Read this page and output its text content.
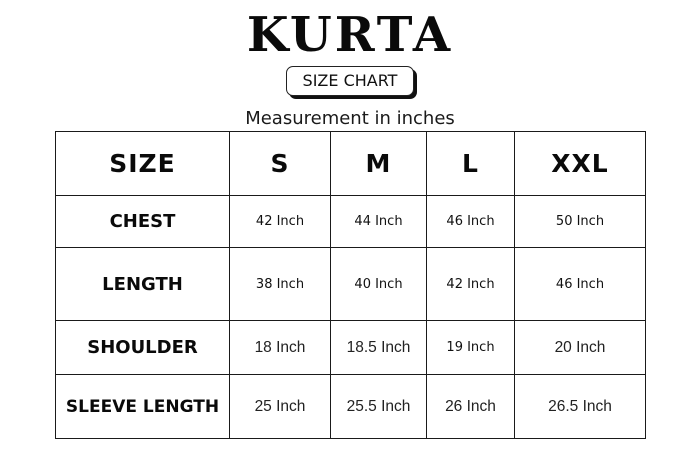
KURTA
SIZE CHART
Measurement in inches
SIZE	S	M	L	XXL
CHEST	42 Inch	44 Inch	46 Inch	50 Inch
LENGTH	38 Inch	40 Inch	42 Inch	46 Inch
SHOULDER	18 Inch	18.5 Inch	19 Inch	20 Inch
SLEEVE LENGTH	25 Inch	25.5 Inch	26 Inch	26.5 Inch
